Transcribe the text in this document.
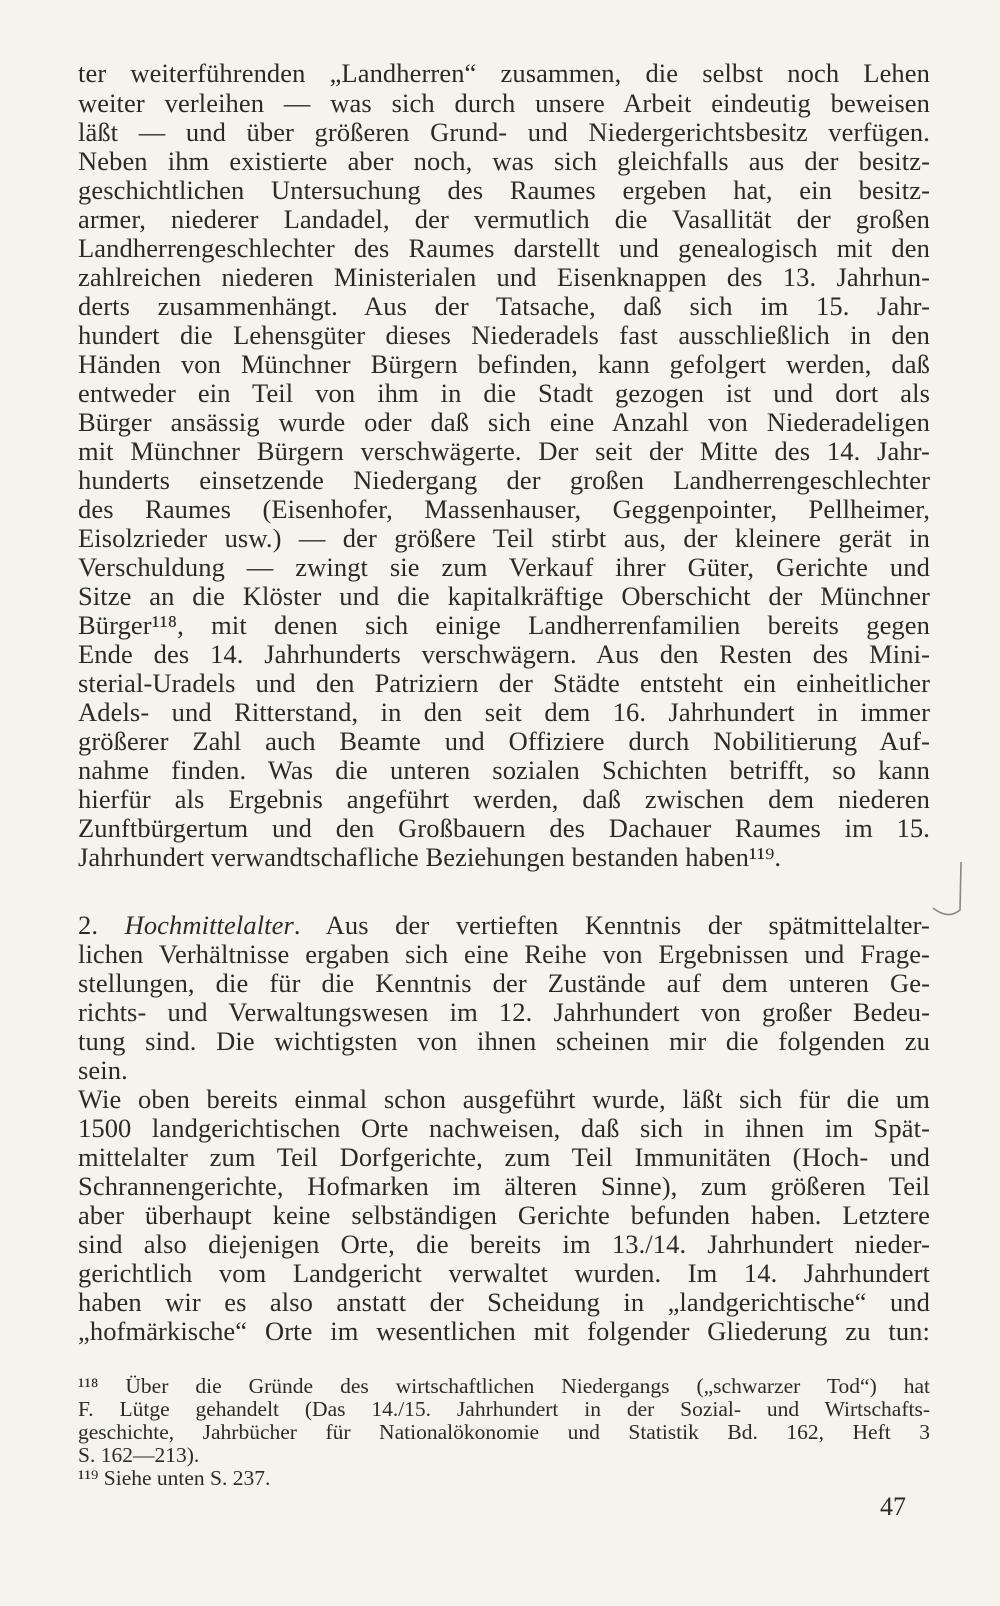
ter weiterführenden „Landherren“ zusammen, die selbst noch Lehen
weiter verleihen — was sich durch unsere Arbeit eindeutig beweisen
läßt — und über größeren Grund- und Niedergerichtsbesitz verfügen.
Neben ihm existierte aber noch, was sich gleichfalls aus der besitz-
geschichtlichen Untersuchung des Raumes ergeben hat, ein besitz-
armer, niederer Landadel, der vermutlich die Vasallität der großen
Landherrengeschlechter des Raumes darstellt und genealogisch mit den
zahlreichen niederen Ministerialen und Eisenknappen des 13. Jahrhun-
derts zusammenhängt. Aus der Tatsache, daß sich im 15. Jahr-
hundert die Lehensgüter dieses Niederadels fast ausschließlich in den
Händen von Münchner Bürgern befinden, kann gefolgert werden, daß
entweder ein Teil von ihm in die Stadt gezogen ist und dort als
Bürger ansässig wurde oder daß sich eine Anzahl von Niederadeligen
mit Münchner Bürgern verschwägerte. Der seit der Mitte des 14. Jahr-
hunderts einsetzende Niedergang der großen Landherrengeschlechter
des Raumes (Eisenhofer, Massenhauser, Geggenpointer, Pellheimer,
Eisolzrieder usw.) — der größere Teil stirbt aus, der kleinere gerät in
Verschuldung — zwingt sie zum Verkauf ihrer Güter, Gerichte und
Sitze an die Klöster und die kapitalkräftige Oberschicht der Münchner
Bürger¹¹⁸, mit denen sich einige Landherrenfamilien bereits gegen
Ende des 14. Jahrhunderts verschwägern. Aus den Resten des Mini-
sterial-Uradels und den Patriziern der Städte entsteht ein einheitlicher
Adels- und Ritterstand, in den seit dem 16. Jahrhundert in immer
größerer Zahl auch Beamte und Offiziere durch Nobilitierung Auf-
nahme finden. Was die unteren sozialen Schichten betrifft, so kann
hierfür als Ergebnis angeführt werden, daß zwischen dem niederen
Zunftbürgertum und den Großbauern des Dachauer Raumes im 15.
Jahrhundert verwandtschafliche Beziehungen bestanden haben¹¹⁹.
2. Hochmittelalter. Aus der vertieften Kenntnis der spätmittelalter-
lichen Verhältnisse ergaben sich eine Reihe von Ergebnissen und Frage-
stellungen, die für die Kenntnis der Zustände auf dem unteren Ge-
richts- und Verwaltungswesen im 12. Jahrhundert von großer Bedeu-
tung sind. Die wichtigsten von ihnen scheinen mir die folgenden zu
sein.
Wie oben bereits einmal schon ausgeführt wurde, läßt sich für die um
1500 landgerichtischen Orte nachweisen, daß sich in ihnen im Spät-
mittelalter zum Teil Dorfgerichte, zum Teil Immunitäten (Hoch- und
Schrannengerichte, Hofmarken im älteren Sinne), zum größeren Teil
aber überhaupt keine selbständigen Gerichte befunden haben. Letztere
sind also diejenigen Orte, die bereits im 13./14. Jahrhundert nieder-
gerichtlich vom Landgericht verwaltet wurden. Im 14. Jahrhundert
haben wir es also anstatt der Scheidung in „landgerichtische“ und
„hofmärkische“ Orte im wesentlichen mit folgender Gliederung zu tun:
¹¹⁸ Über die Gründe des wirtschaftlichen Niedergangs („schwarzer Tod“) hat
F. Lütge gehandelt (Das 14./15. Jahrhundert in der Sozial- und Wirtschafts-
geschichte, Jahrbücher für Nationalökonomie und Statistik Bd. 162, Heft 3
S. 162—213).
¹¹⁹ Siehe unten S. 237.
47
